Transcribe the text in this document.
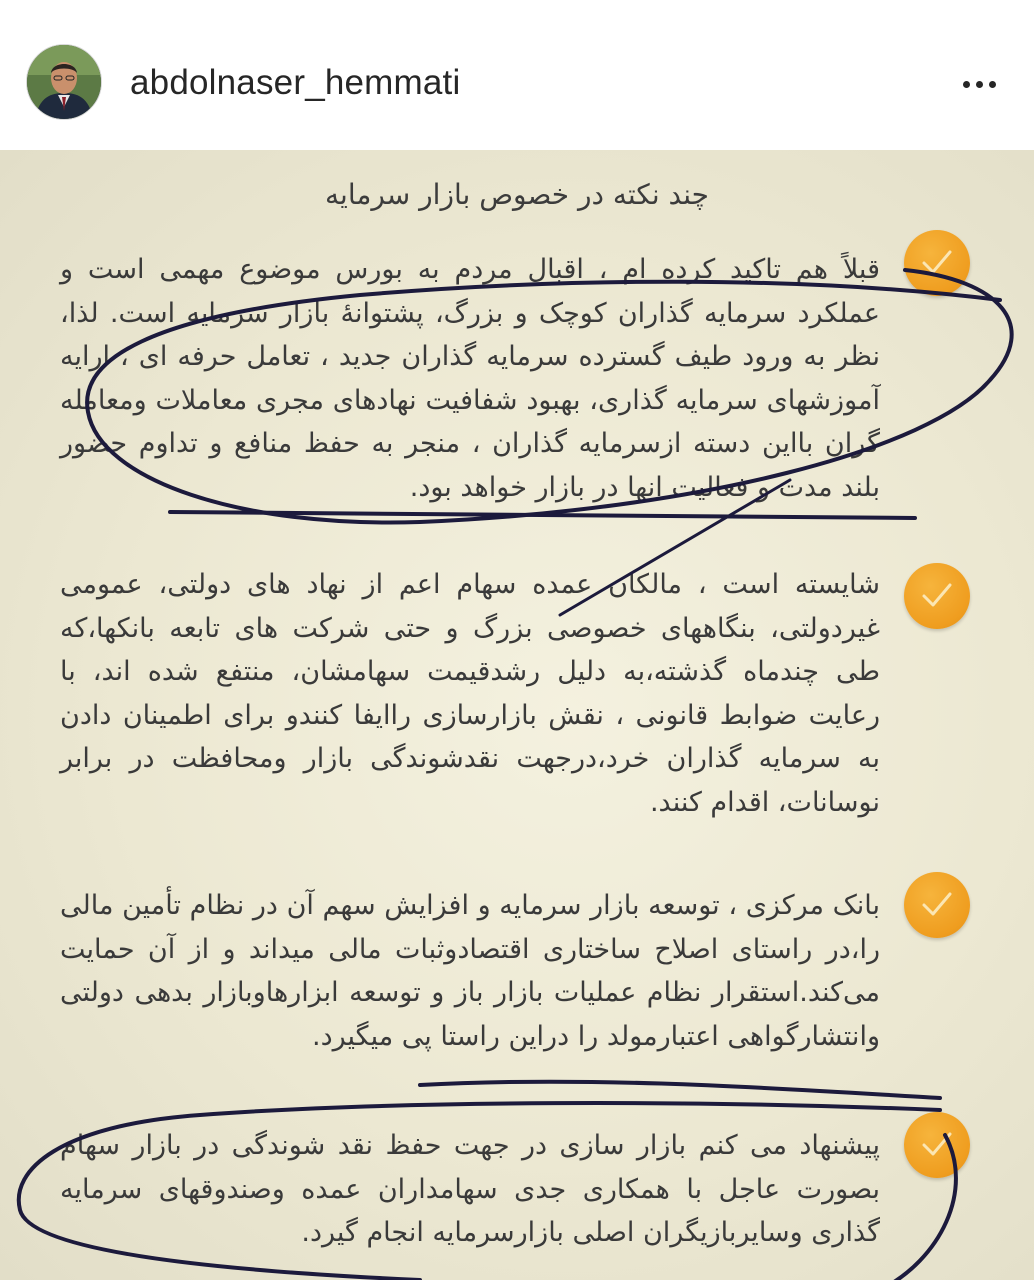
abdolnaser_hemmati
چند نکته در خصوص بازار سرمایه

قبلاً هم تاکید کرده ام ، اقبال مردم به بورس موضوع مهمی است و عملکرد سرمایه گذاران کوچک و بزرگ، پشتوانهٔ بازار سرمایه است. لذا، نظر به ورود طیف گسترده سرمایه گذاران جدید ، تعامل حرفه ای ، ارایه آموزشهای سرمایه گذاری، بهبود شفافیت نهادهای مجری معاملات ومعامله گران بااین دسته ازسرمایه گذاران ، منجر به حفظ منافع و تداوم حضور بلند مدت و فعالیت انها در بازار خواهد بود.

شایسته است ، مالکان عمده سهام اعم از نهاد های دولتی، عمومی غیردولتی، بنگاههای خصوصی بزرگ و حتی شرکت های تابعه بانکها،که طی چندماه گذشته،به دلیل رشدقیمت سهامشان، منتفع شده اند، با رعایت ضوابط قانونی ، نقش بازارسازی راایفا کنندو برای اطمینان دادن به سرمایه گذاران خرد،درجهت نقدشوندگی بازار ومحافظت در برابر نوسانات، اقدام کنند.

بانک مرکزی ، توسعه بازار سرمایه و افزایش سهم آن در نظام تأمین مالی را،در راستای اصلاح ساختاری اقتصادوثبات مالی میداند و از آن حمایت می‌کند.استقرار نظام عملیات بازار باز و توسعه ابزارهاوبازار بدهی دولتی وانتشارگواهی اعتبارمولد را دراین راستا پی میگیرد.

پیشنهاد می کنم بازار سازی در جهت حفظ نقد شوندگی در بازار سهام بصورت عاجل با همکاری جدی سهامداران عمده وصندوقهای سرمایه گذاری وسایربازیگران اصلی بازارسرمایه انجام گیرد.
